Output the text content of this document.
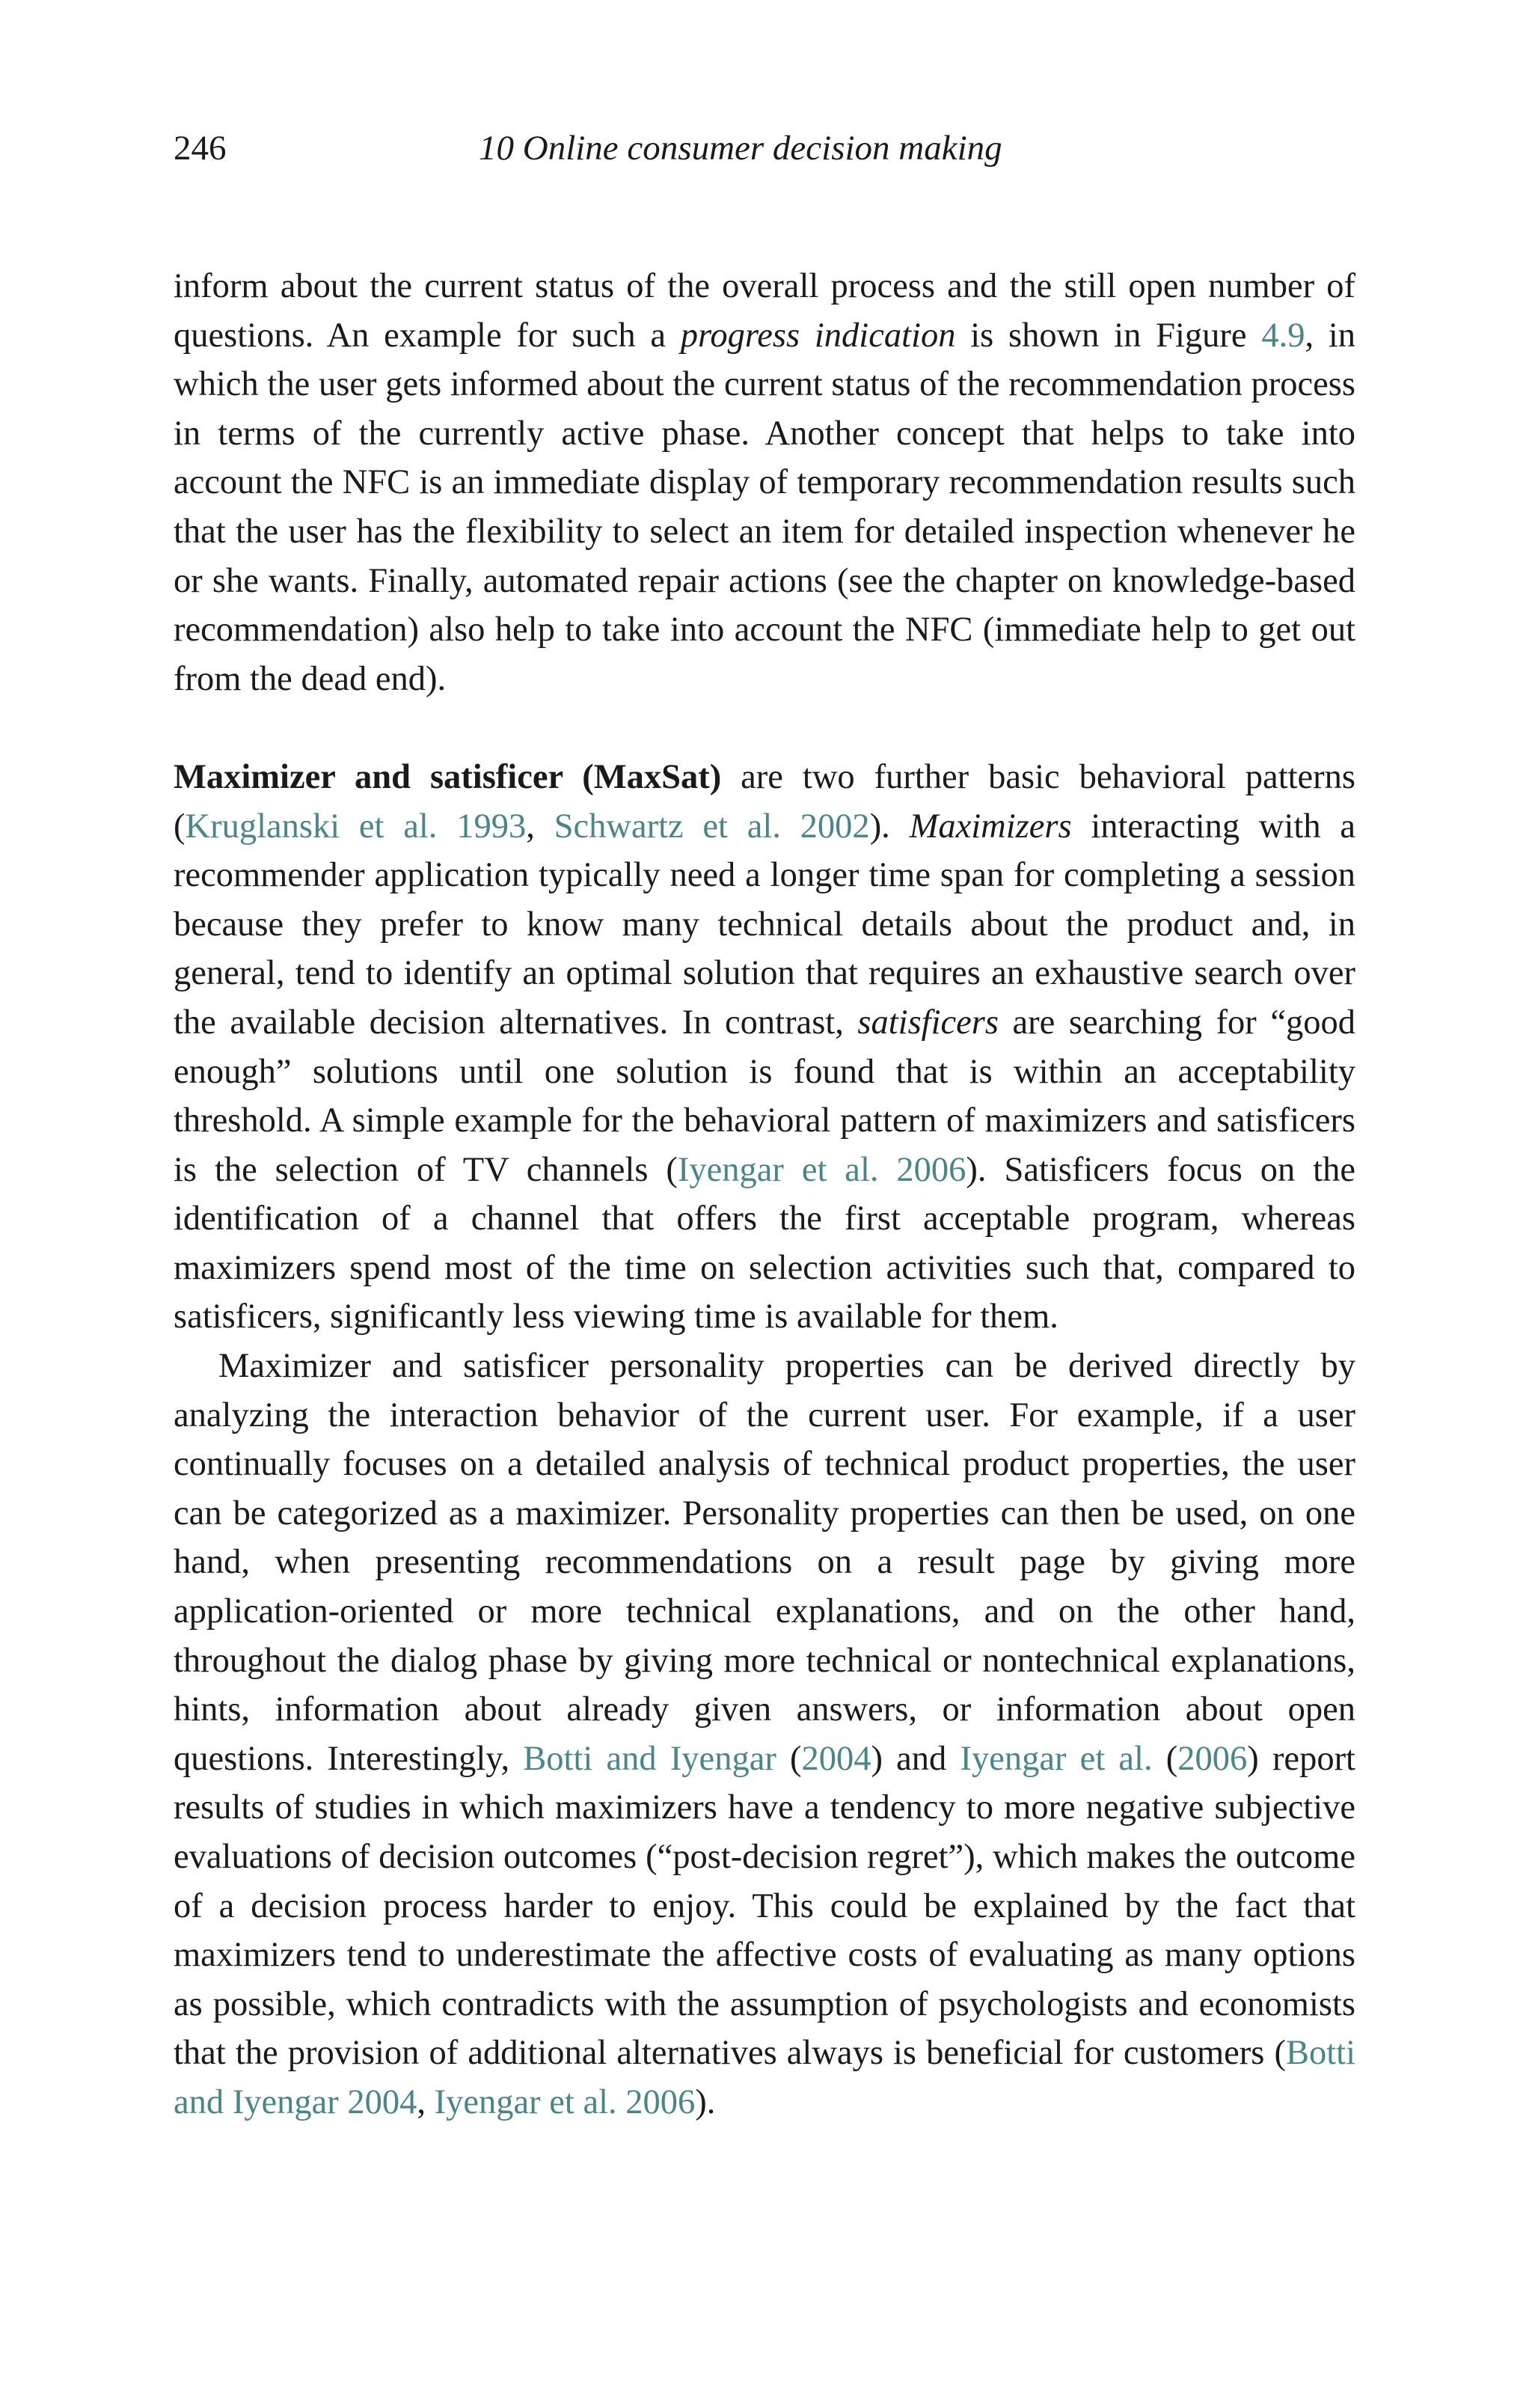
246	10 Online consumer decision making

inform about the current status of the overall process and the still open number of questions. An example for such a progress indication is shown in Figure 4.9, in which the user gets informed about the current status of the recommendation process in terms of the currently active phase. Another concept that helps to take into account the NFC is an immediate display of temporary recommendation results such that the user has the flexibility to select an item for detailed inspection whenever he or she wants. Finally, automated repair actions (see the chapter on knowledge-based recommendation) also help to take into account the NFC (immediate help to get out from the dead end).

Maximizer and satisficer (MaxSat) are two further basic behavioral patterns (Kruglanski et al. 1993, Schwartz et al. 2002). Maximizers interacting with a recommender application typically need a longer time span for completing a session because they prefer to know many technical details about the product and, in general, tend to identify an optimal solution that requires an exhaustive search over the available decision alternatives. In contrast, satisficers are searching for “good enough” solutions until one solution is found that is within an acceptability threshold. A simple example for the behavioral pattern of maximizers and satisficers is the selection of TV channels (Iyengar et al. 2006). Satisficers focus on the identification of a channel that offers the first acceptable program, whereas maximizers spend most of the time on selection activities such that, compared to satisficers, significantly less viewing time is available for them.

Maximizer and satisficer personality properties can be derived directly by analyzing the interaction behavior of the current user. For example, if a user continually focuses on a detailed analysis of technical product properties, the user can be categorized as a maximizer. Personality properties can then be used, on one hand, when presenting recommendations on a result page by giving more application-oriented or more technical explanations, and on the other hand, throughout the dialog phase by giving more technical or nontechnical explanations, hints, information about already given answers, or information about open questions. Interestingly, Botti and Iyengar (2004) and Iyengar et al. (2006) report results of studies in which maximizers have a tendency to more negative subjective evaluations of decision outcomes (“post-decision regret”), which makes the outcome of a decision process harder to enjoy. This could be explained by the fact that maximizers tend to underestimate the affective costs of evaluating as many options as possible, which contradicts with the assumption of psychologists and economists that the provision of additional alternatives always is beneficial for customers (Botti and Iyengar 2004, Iyengar et al. 2006).
